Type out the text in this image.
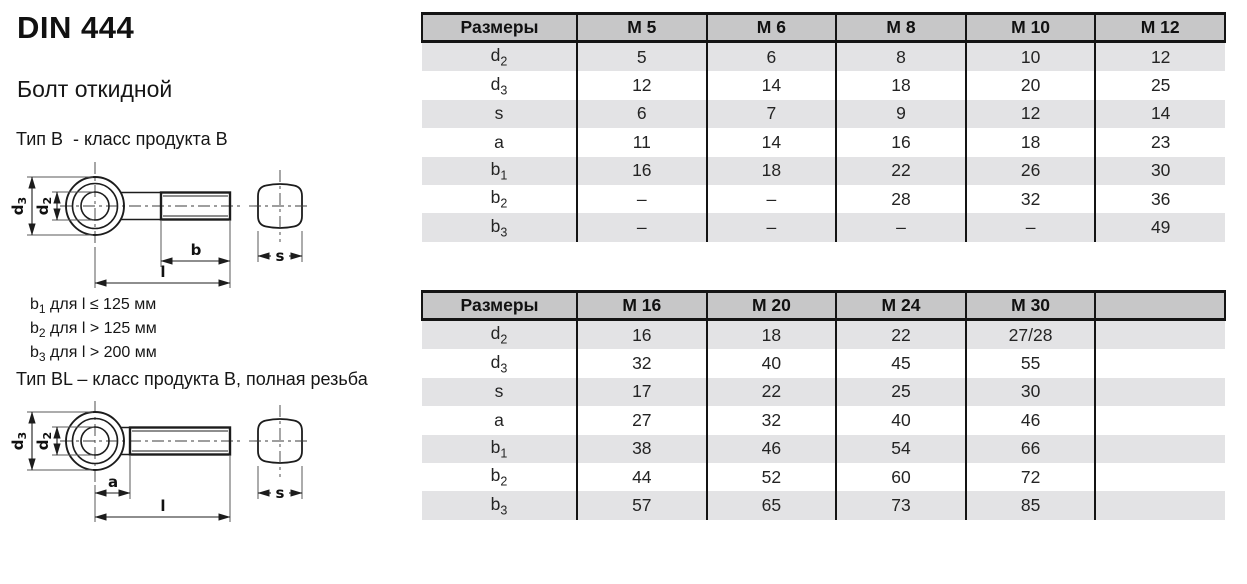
DIN 444
Болт откидной
Тип B  - класс продукта B
$d_3$
$d_2$
b
l
s
$b_1$ для l ≤ 125 мм
$b_2$ для l > 125 мм
$b_3$ для l > 200 мм
Тип BL – класс продукта B, полная резьба
$d_3$
$d_2$
a
l
s
Размеры	M 5	M 6	M 8	M 10	M 12
$d_2$	5	6	8	10	12
$d_3$	12	14	18	20	25
s	6	7	9	12	14
a	11	14	16	18	23
$b_1$	16	18	22	26	30
$b_2$	–	–	28	32	36
$b_3$	–	–	–	–	49
Размеры	M 16	M 20	M 24	M 30	
$d_2$	16	18	22	27/28	
$d_3$	32	40	45	55	
s	17	22	25	30	
a	27	32	40	46	
$b_1$	38	46	54	66	
$b_2$	44	52	60	72	
$b_3$	57	65	73	85	
